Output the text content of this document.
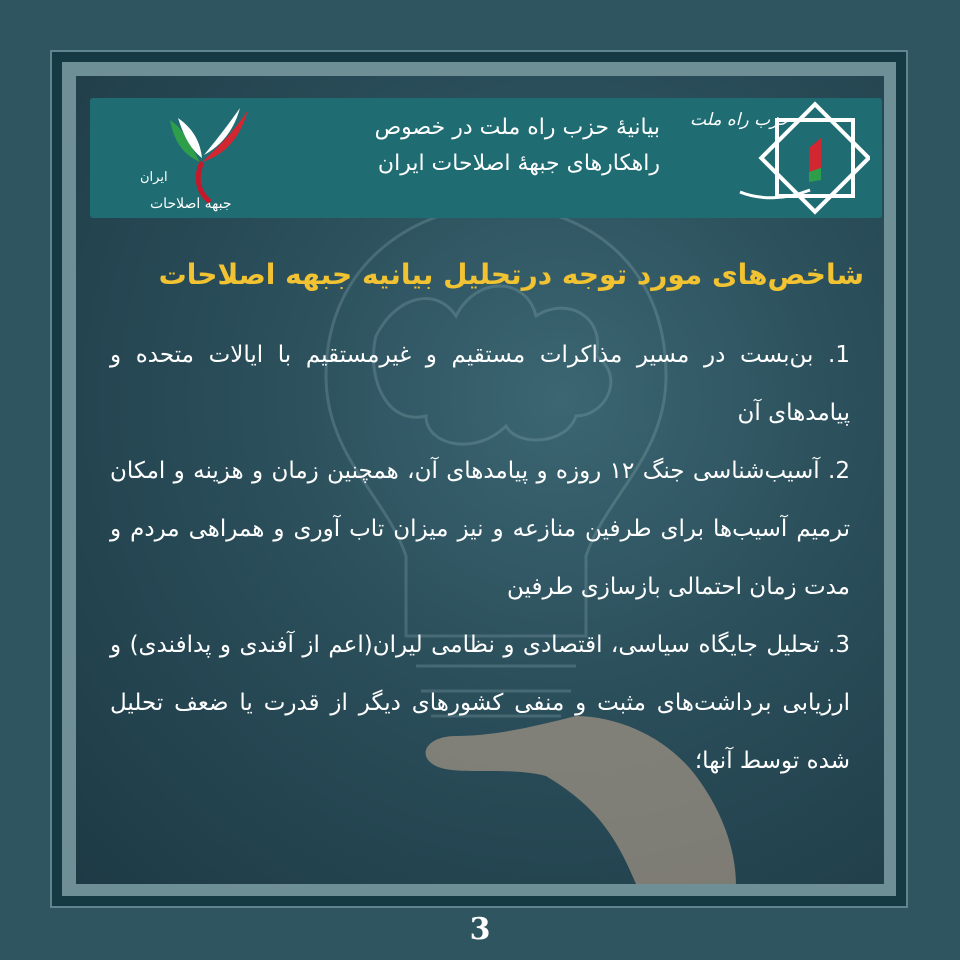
ایران
جبهه اصلاحات
بیانیهٔ حزب راه ملت در خصوص
راهکارهای جبههٔ اصلاحات ایران
حزب راه ملت
شاخص‌های مورد توجه درتحلیل بیانیه جبهه اصلاحات

1. بن‌بست در مسیر مذاکرات مستقیم و غیرمستقیم‌ با ایالات متحده و پیامدهای آن

2. آسیب‌شناسی جنگ ۱۲ روزه و پیامدهای آن، همچنین زمان و هزینه و امکان ترمیم آسیب‌ها برای طرفین منازعه و نیز میزان تاب آوری و همراهی مردم و مدت زمان احتمالی بازسازی طرفین

3. تحلیل جایگاه سیاسی، اقتصادی و نظامی لیران(اعم از آفندی و پدافندی) و ارزیابی برداشت‌های مثبت و منفی کشورهای دیگر از قدرت یا ضعف تحلیل شده توسط آنها؛

3
